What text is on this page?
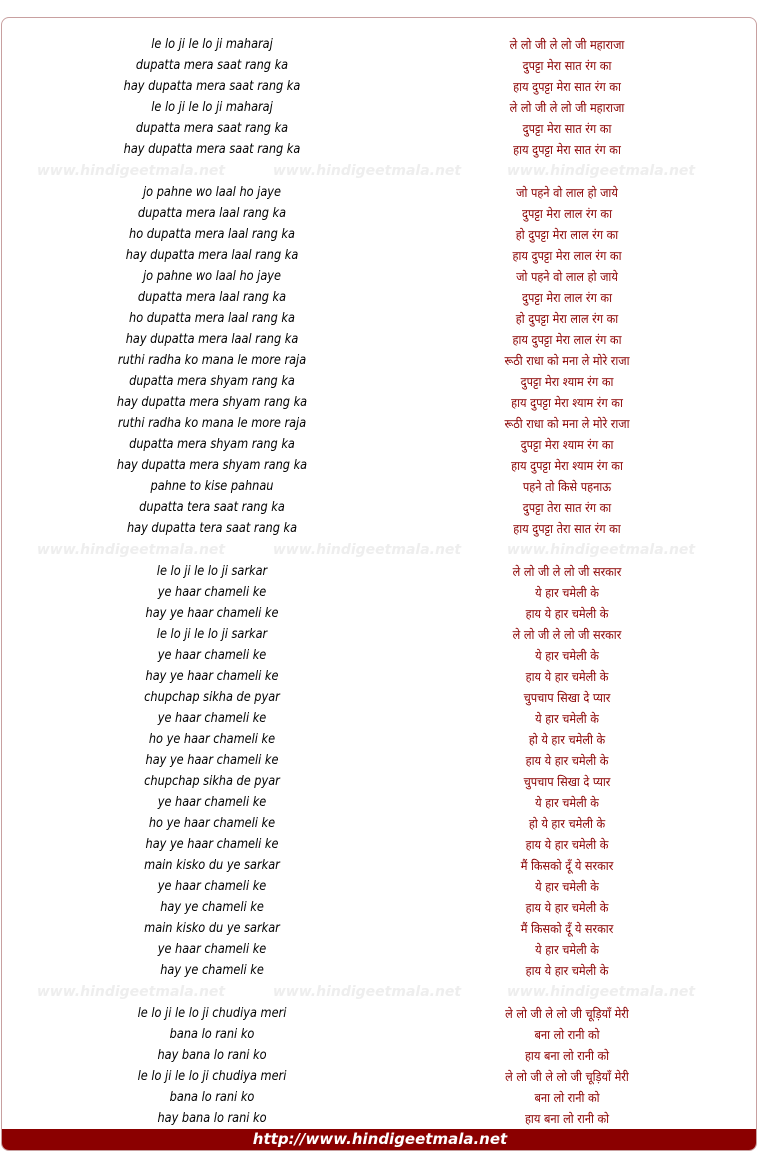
le lo ji le lo ji maharaj	ले लो जी ले लो जी महाराजा
dupatta mera saat rang ka	दुपट्टा मेरा सात रंग का
hay dupatta mera saat rang ka	हाय दुपट्टा मेरा सात रंग का
le lo ji le lo ji maharaj	ले लो जी ले लो जी महाराजा
dupatta mera saat rang ka	दुपट्टा मेरा सात रंग का
hay dupatta mera saat rang ka	हाय दुपट्टा मेरा सात रंग का
www.hindigeetmala.net	www.hindigeetmala.net	www.hindigeetmala.net
jo pahne wo laal ho jaye	जो पहने वो लाल हो जाये
dupatta mera laal rang ka	दुपट्टा मेरा लाल रंग का
ho dupatta mera laal rang ka	हो दुपट्टा मेरा लाल रंग का
hay dupatta mera laal rang ka	हाय दुपट्टा मेरा लाल रंग का
jo pahne wo laal ho jaye	जो पहने वो लाल हो जाये
dupatta mera laal rang ka	दुपट्टा मेरा लाल रंग का
ho dupatta mera laal rang ka	हो दुपट्टा मेरा लाल रंग का
hay dupatta mera laal rang ka	हाय दुपट्टा मेरा लाल रंग का
ruthi radha ko mana le more raja	रूठी राधा को मना ले मोरे राजा
dupatta mera shyam rang ka	दुपट्टा मेरा श्याम रंग का
hay dupatta mera shyam rang ka	हाय दुपट्टा मेरा श्याम रंग का
ruthi radha ko mana le more raja	रूठी राधा को मना ले मोरे राजा
dupatta mera shyam rang ka	दुपट्टा मेरा श्याम रंग का
hay dupatta mera shyam rang ka	हाय दुपट्टा मेरा श्याम रंग का
pahne to kise pahnau	पहने तो किसे पहनाऊ
dupatta tera saat rang ka	दुपट्टा तेरा सात रंग का
hay dupatta tera saat rang ka	हाय दुपट्टा तेरा सात रंग का
www.hindigeetmala.net	www.hindigeetmala.net	www.hindigeetmala.net
le lo ji le lo ji sarkar	ले लो जी ले लो जी सरकार
ye haar chameli ke	ये हार चमेली के
hay ye haar chameli ke	हाय ये हार चमेली के
le lo ji le lo ji sarkar	ले लो जी ले लो जी सरकार
ye haar chameli ke	ये हार चमेली के
hay ye haar chameli ke	हाय ये हार चमेली के
chupchap sikha de pyar	चुपचाप सिखा दे प्यार
ye haar chameli ke	ये हार चमेली के
ho ye haar chameli ke	हो ये हार चमेली के
hay ye haar chameli ke	हाय ये हार चमेली के
chupchap sikha de pyar	चुपचाप सिखा दे प्यार
ye haar chameli ke	ये हार चमेली के
ho ye haar chameli ke	हो ये हार चमेली के
hay ye haar chameli ke	हाय ये हार चमेली के
main kisko du ye sarkar	मैं किसको दूँ ये सरकार
ye haar chameli ke	ये हार चमेली के
hay ye chameli ke	हाय ये हार चमेली के
main kisko du ye sarkar	मैं किसको दूँ ये सरकार
ye haar chameli ke	ये हार चमेली के
hay ye chameli ke	हाय ये हार चमेली के
www.hindigeetmala.net	www.hindigeetmala.net	www.hindigeetmala.net
le lo ji le lo ji chudiya meri	ले लो जी ले लो जी चूड़ियाँ मेरी
bana lo rani ko	बना लो रानी को
hay bana lo rani ko	हाय बना लो रानी को
le lo ji le lo ji chudiya meri	ले लो जी ले लो जी चूड़ियाँ मेरी
bana lo rani ko	बना लो रानी को
hay bana lo rani ko	हाय बना लो रानी को
http://www.hindigeetmala.net
